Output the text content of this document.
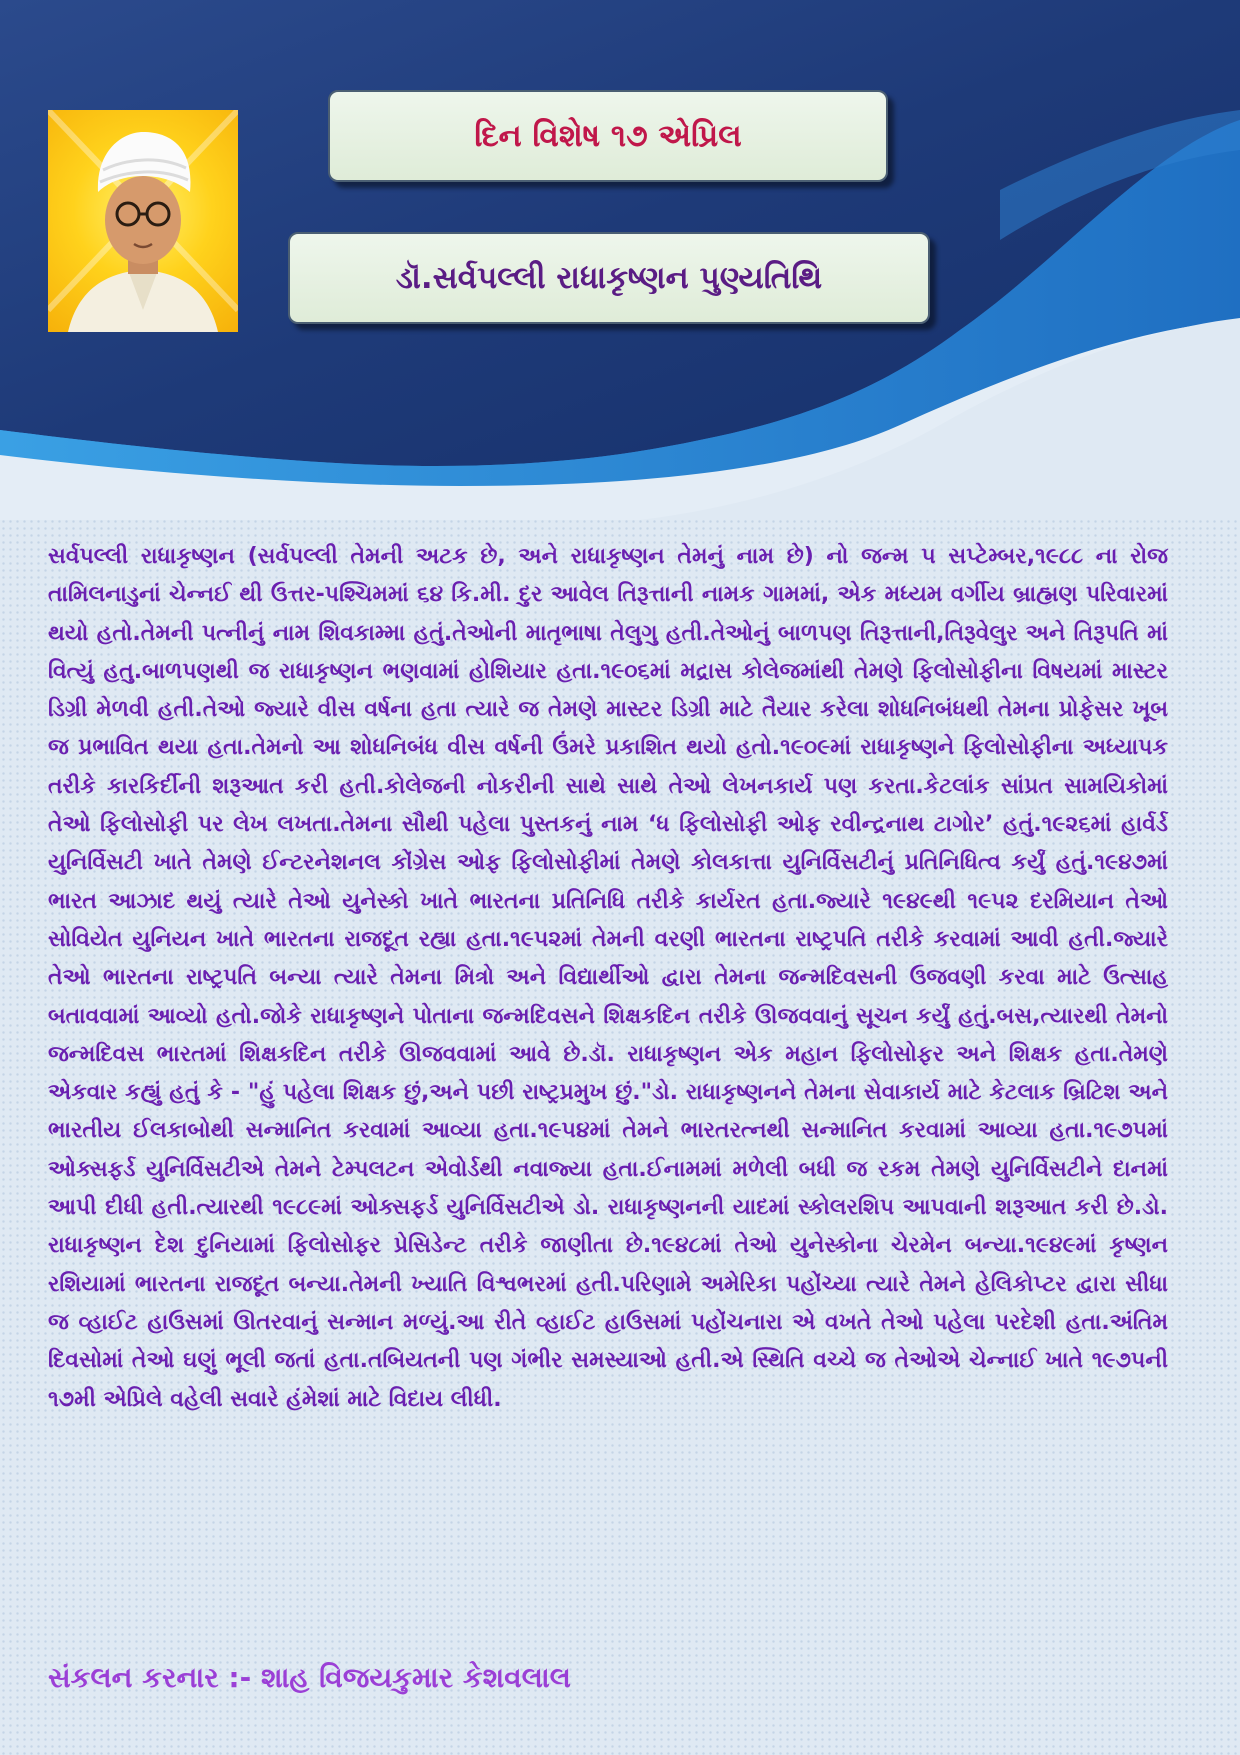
દિન વિશેષ ૧૭ એપ્રિલ
ડૉ.સર્વપલ્લી રાધાકૃષ્ણન પુણ્યતિથિ

સર્વપલ્લી રાધાકૃષ્ણન (સર્વપલ્લી તેમની અટક છે, અને રાધાકૃષ્ણન તેમનું નામ છે) નો જન્મ ૫ સપ્ટેમ્બર,૧૯૮૮ ના રોજ તામિલનાડુનાં ચેન્નઈ થી ઉત્તર-પશ્ચિમમાં ૬૪ કિ.મી. દુર આવેલ તિરૂત્તાની નામક ગામમાં, એક મધ્યમ વર્ગીય બ્રાહ્મણ પરિવારમાં થયો હતો.તેમની પત્નીનું નામ શિવકામ્મા હતું.તેઓની માતૃભાષા તેલુગુ હતી.તેઓનું બાળપણ તિરૂત્તાની,તિરૂવેલુર અને તિરૂપતિ માં વિત્યું હતુ.બાળપણથી જ રાધાકૃષ્ણન ભણવામાં હોશિયાર હતા.૧૯૦૬માં મદ્રાસ કોલેજમાંથી તેમણે ફિલોસોફીના વિષયમાં માસ્ટર ડિગ્રી મેળવી હતી.તેઓ જ્યારે વીસ વર્ષના હતા ત્યારે જ તેમણે માસ્ટર ડિગ્રી માટે તૈયાર કરેલા શોધનિબંધથી તેમના પ્રોફેસર ખૂબ જ પ્રભાવિત થયા હતા.તેમનો આ શોધનિબંધ વીસ વર્ષની ઉંમરે પ્રકાશિત થયો હતો.૧૯૦૯માં રાધાકૃષ્ણને ફિલોસોફીના અધ્યાપક તરીકે કારકિર્દીની શરૂઆત કરી હતી.કોલેજની નોકરીની સાથે સાથે તેઓ લેખનકાર્ય પણ કરતા.કેટલાંક સાંપ્રત સામયિકોમાં તેઓ ફિલોસોફી પર લેખ લખતા.તેમના સૌથી પહેલા પુસ્તકનું નામ ‘ધ ફિલોસોફી ઓફ રવીન્દ્રનાથ ટાગોર’ હતું.૧૯૨૬માં હાર્વર્ડ યુનિર્વિસટી ખાતે તેમણે ઈન્ટરનેશનલ કોંગ્રેસ ઓફ ફિલોસોફીમાં તેમણે કોલકાત્તા યુનિર્વિસટીનું પ્રતિનિધિત્વ કર્યું હતું.૧૯૪૭માં ભારત આઝાદ થયું ત્યારે તેઓ યુનેસ્કો ખાતે ભારતના પ્રતિનિધિ તરીકે કાર્યરત હતા.જ્યારે ૧૯૪૯થી ૧૯૫૨ દરમિયાન તેઓ સોવિયેત યુનિયન ખાતે ભારતના રાજદૂત રહ્યા હતા.૧૯૫૨માં તેમની વરણી ભારતના રાષ્ટ્રપતિ તરીકે કરવામાં આવી હતી.જ્યારે તેઓ ભારતના રાષ્ટ્રપતિ બન્યા ત્યારે તેમના મિત્રો અને વિદ્યાર્થીઓ દ્વારા તેમના જન્મદિવસની ઉજવણી કરવા માટે ઉત્સાહ બતાવવામાં આવ્યો હતો.જોકે રાધાકૃષ્ણને પોતાના જન્મદિવસને શિક્ષકદિન તરીકે ઊજવવાનું સૂચન કર્યું હતું.બસ,ત્યારથી તેમનો જન્મદિવસ ભારતમાં શિક્ષકદિન તરીકે ઊજવવામાં આવે છે.ડૉ. રાધાકૃષ્ણન એક મહાન ફિલોસોફર અને શિક્ષક હતા.તેમણે એકવાર કહ્યું હતું કે - "હું પહેલા શિક્ષક છું,અને પછી રાષ્ટ્રપ્રમુખ છું."ડો. રાધાકૃષ્ણનને તેમના સેવાકાર્ય માટે કેટલાક બ્રિટિશ અને ભારતીય ઈલકાબોથી સન્માનિત કરવામાં આવ્યા હતા.૧૯૫૪માં તેમને ભારતરત્નથી સન્માનિત કરવામાં આવ્યા હતા.૧૯૭૫માં ઓક્સફર્ડ યુનિર્વિસટીએ તેમને ટેમ્પલટન એવોર્ડથી નવાજ્યા હતા.ઈનામમાં મળેલી બધી જ રકમ તેમણે યુનિર્વિસટીને દાનમાં આપી દીધી હતી.ત્યારથી ૧૯૮૯માં ઓક્સફર્ડ યુનિર્વિસટીએ ડો. રાધાકૃષ્ણનની યાદમાં સ્કોલરશિપ આપવાની શરૂઆત કરી છે.ડો. રાધાકૃષ્ણન દેશ દુનિયામાં ફિલોસોફર પ્રેસિડેન્ટ તરીકે જાણીતા છે.૧૯૪૮માં તેઓ યુનેસ્કોના ચેરમેન બન્યા.૧૯૪૯માં કૃષ્ણન રશિયામાં ભારતના રાજદૂત બન્યા.તેમની ખ્યાતિ વિશ્વભરમાં હતી.પરિણામે અમેરિકા પહોંચ્યા ત્યારે તેમને હેલિકોપ્ટર દ્વારા સીધા જ વ્હાઈટ હાઉસમાં ઊતરવાનું સન્માન મળ્યું.આ રીતે વ્હાઈટ હાઉસમાં પહોંચનારા એ વખતે તેઓ પહેલા પરદેશી હતા.અંતિમ દિવસોમાં તેઓ ઘણું ભૂલી જતાં હતા.તબિયતની પણ ગંભીર સમસ્યાઓ હતી.એ સ્થિતિ વચ્ચે જ તેઓએ ચેન્નાઈ ખાતે ૧૯૭૫ની ૧૭મી એપ્રિલે વહેલી સવારે હંમેશાં માટે વિદાય લીધી.

સંકલન કરનાર :- શાહ વિજયકુમાર કેશવલાલ
